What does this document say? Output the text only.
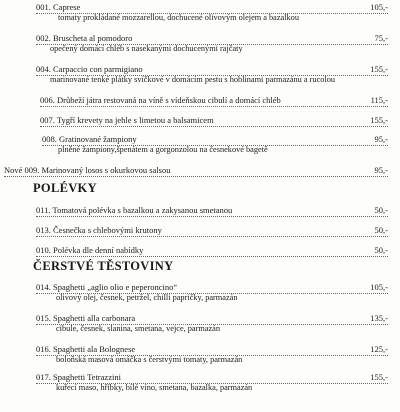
001. Caprese	105,-
tomaty prokládané mozzarellou, dochucené olivovým olejem a bazalkou
002. Bruscheta al pomodoro	75,-
opečený domácí chléb s nasekanými dochucenými rajčaty
004. Carpaccio con parmigiano	155,-
marinované tenké plátky svíčkové v domácím pestu s hoblinami parmazánu a rucolou
006. Drůbeží játra restovaná na víně s vídeňskou cibulí a domácí chléb	115,-
007. Tygří krevety na jehle s limetou a balsamicem	155,-
008. Gratinované žampiony	95,-
plněné žampiony,špenátem a gorgonzolou na česnekové bagetě
Nové 009. Marinovaný losos s okurkovou salsou	95,-
POLÉVKY
011. Tomatová polévka s bazalkou a zakysanou smetanou	50,-
013. Česnečka s chlebovými krutony	50,-
010. Polévka dle denní nabídky	50,-
ČERSTVÉ TĚSTOVINY
014. Spaghetti „aglio olio e peperoncino“	105,-
olivový olej, česnek, petržel, chilli papričky, parmazán
015. Spaghetti alla carbonara	135,-
cibule, česnek, slanina, smetana, vejce, parmazán
016. Spaghetti ala Bolognese	125,-
boloňská masová omáčka s čerstvými tomaty, parmazán
017. Spaghetti Tetrazzini	155,-
kuřecí maso, hříbky, bílé víno, smetana, bazalka, parmazán
